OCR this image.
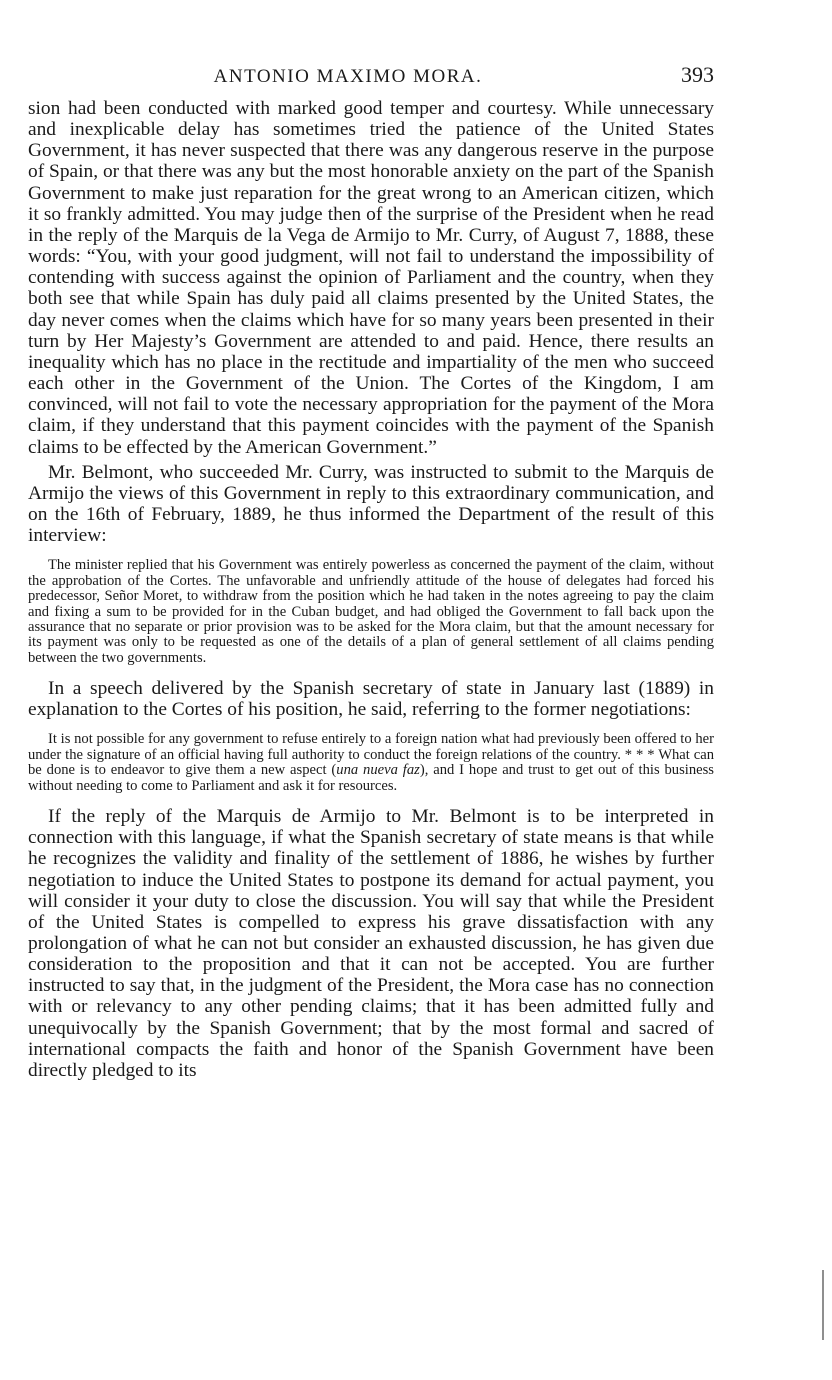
ANTONIO MAXIMO MORA.	393

sion had been conducted with marked good temper and courtesy. While unnecessary and inexplicable delay has sometimes tried the patience of the United States Government, it has never suspected that there was any dangerous reserve in the purpose of Spain, or that there was any but the most honorable anxiety on the part of the Spanish Government to make just reparation for the great wrong to an American citizen, which it so frankly admitted. You may judge then of the surprise of the President when he read in the reply of the Marquis de la Vega de Armijo to Mr. Curry, of August 7, 1888, these words: “You, with your good judgment, will not fail to understand the impossibility of contending with success against the opinion of Parliament and the country, when they both see that while Spain has duly paid all claims presented by the United States, the day never comes when the claims which have for so many years been presented in their turn by Her Majesty’s Government are attended to and paid. Hence, there results an inequality which has no place in the rectitude and impartiality of the men who succeed each other in the Government of the Union. The Cortes of the Kingdom, I am convinced, will not fail to vote the necessary appropriation for the payment of the Mora claim, if they understand that this payment coincides with the payment of the Spanish claims to be effected by the American Government.”

Mr. Belmont, who succeeded Mr. Curry, was instructed to submit to the Marquis de Armijo the views of this Government in reply to this extraordinary communication, and on the 16th of February, 1889, he thus informed the Department of the result of this interview:

The minister replied that his Government was entirely powerless as concerned the payment of the claim, without the approbation of the Cortes. The unfavorable and unfriendly attitude of the house of delegates had forced his predecessor, Señor Moret, to withdraw from the position which he had taken in the notes agreeing to pay the claim and fixing a sum to be provided for in the Cuban budget, and had obliged the Government to fall back upon the assurance that no separate or prior provision was to be asked for the Mora claim, but that the amount necessary for its payment was only to be requested as one of the details of a plan of general settlement of all claims pending between the two governments.

In a speech delivered by the Spanish secretary of state in January last (1889) in explanation to the Cortes of his position, he said, referring to the former negotiations:

It is not possible for any government to refuse entirely to a foreign nation what had previously been offered to her under the signature of an official having full authority to conduct the foreign relations of the country. * * * What can be done is to endeavor to give them a new aspect (una nueva faz), and I hope and trust to get out of this business without needing to come to Parliament and ask it for resources.

If the reply of the Marquis de Armijo to Mr. Belmont is to be interpreted in connection with this language, if what the Spanish secretary of state means is that while he recognizes the validity and finality of the settlement of 1886, he wishes by further negotiation to induce the United States to postpone its demand for actual payment, you will consider it your duty to close the discussion. You will say that while the President of the United States is compelled to express his grave dissatisfaction with any prolongation of what he can not but consider an exhausted discussion, he has given due consideration to the proposition and that it can not be accepted. You are further instructed to say that, in the judgment of the President, the Mora case has no connection with or relevancy to any other pending claims; that it has been admitted fully and unequivocally by the Spanish Government; that by the most formal and sacred of international compacts the faith and honor of the Spanish Government have been directly pledged to its
